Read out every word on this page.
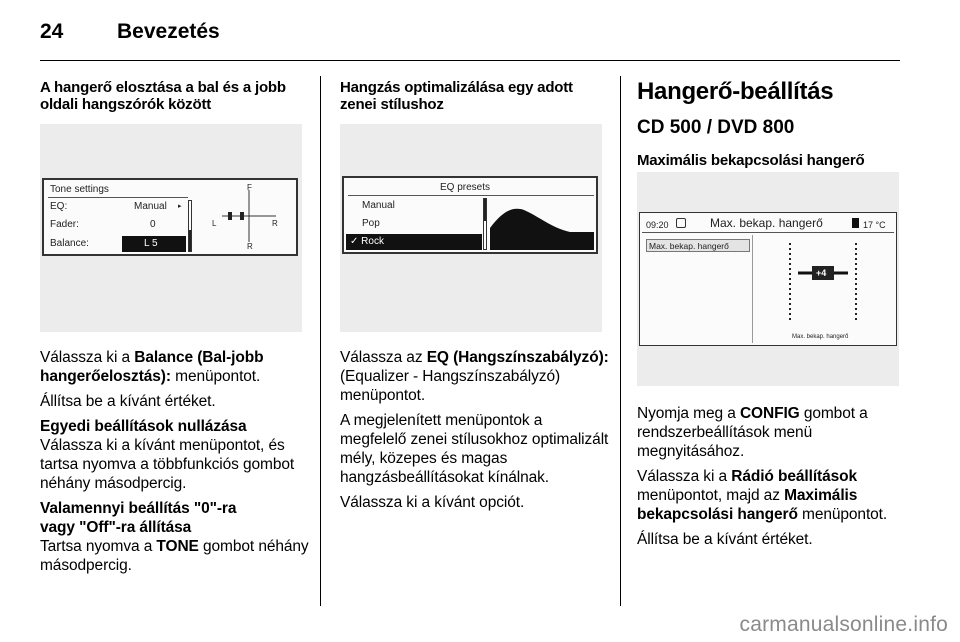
24	Bevezetés
A hangerő elosztása a bal és a jobb
oldali hangszórók között
Tone settings
EQ:	Manual ▸
Fader:	0
Balance:	L 5
F
R
L	R

Válassza ki a Balance (Bal-jobb hangerőelosztás): menüpontot.

Állítsa be a kívánt értéket.

Egyedi beállítások nullázása

Válassza ki a kívánt menüpontot, és tartsa nyomva a többfunkciós gombot néhány másodpercig.

Valamennyi beállítás "0"-ra
vagy "Off"-ra állítása

Tartsa nyomva a TONE gombot néhány másodpercig.

Hangzás optimalizálása egy adott
zenei stílushoz
EQ presets
Manual
Pop
✓ Rock

Válassza az EQ (Hangszínszabályzó): (Equalizer - Hangszínszabályzó) menüpontot.

A megjelenített menüpontok a megfelelő zenei stílusokhoz optimalizált mély, közepes és magas hangzásbeállításokat kínálnak.

Válassza ki a kívánt opciót.

Hangerő-beállítás
CD 500 / DVD 800
Maximális bekapcsolási hangerő
09:20	Max. bekap. hangerő	17 °C
Max. bekap. hangerő
+4
Max. bekap. hangerő

Nyomja meg a CONFIG gombot a rendszerbeállítások menü megnyitásához.

Válassza ki a Rádió beállítások menüpontot, majd az Maximális bekapcsolási hangerő menüpontot.

Állítsa be a kívánt értéket.

carmanualsonline.info
